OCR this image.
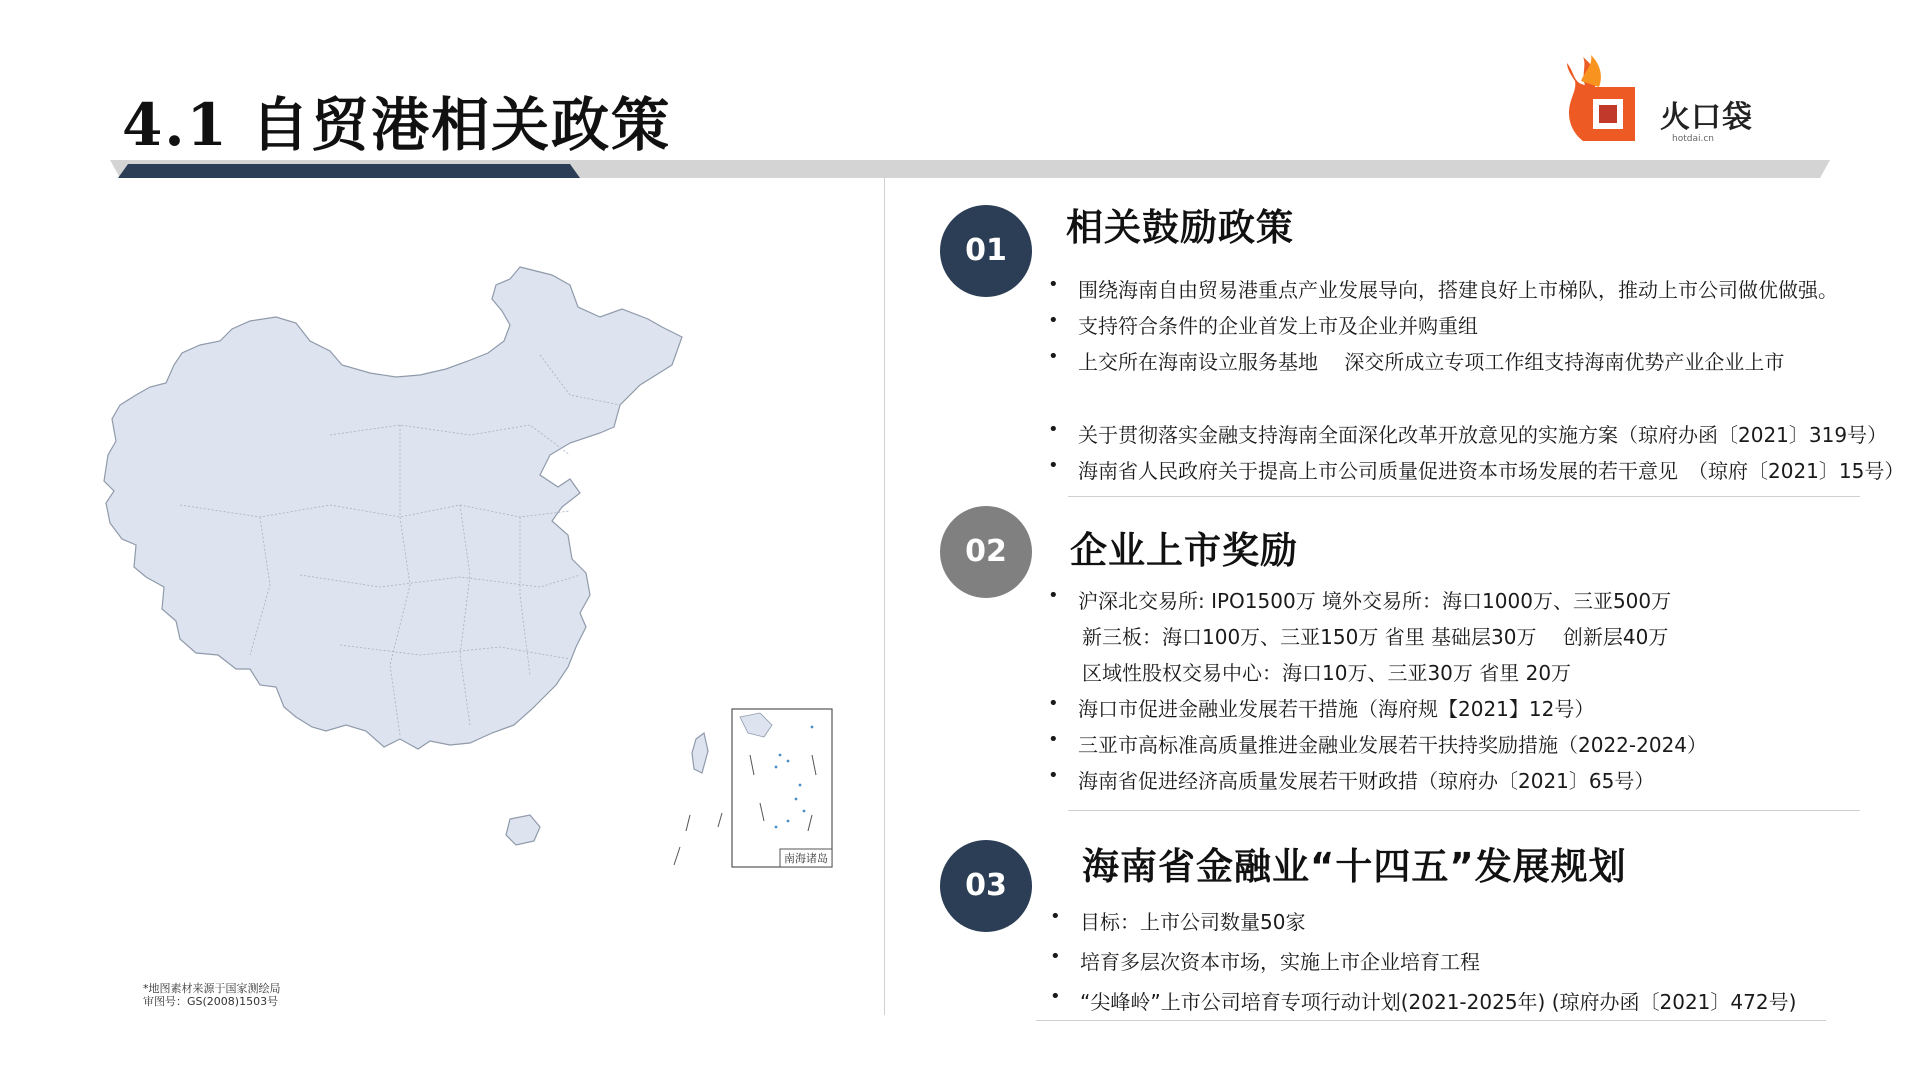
4.1 自贸港相关政策	火口袋
hotdai.cn
南海诸岛
*地图素材来源于国家测绘局
审图号：GS(2008)1503号
01
相关鼓励政策
• 围绕海南自由贸易港重点产业发展导向，搭建良好上市梯队，推动上市公司做优做强。
• 支持符合条件的企业首发上市及企业并购重组
• 上交所在海南设立服务基地　 深交所成立专项工作组支持海南优势产业企业上市
• 关于贯彻落实金融支持海南全面深化改革开放意见的实施方案（琼府办函〔2021〕319号）
• 海南省人民政府关于提高上市公司质量促进资本市场发展的若干意见　（琼府〔2021〕15号）
02	企业上市奖励
• 沪深北交易所: IPO1500万 境外交易所：海口1000万、三亚500万
新三板：海口100万、三亚150万 省里 基础层30万　 创新层40万
区域性股权交易中心：海口10万、三亚30万 省里 20万
• 海口市促进金融业发展若干措施（海府规【2021】12号）
• 三亚市高标准高质量推进金融业发展若干扶持奖励措施（2022-2024）
• 海南省促进经济高质量发展若干财政措（琼府办〔2021〕65号）
03	海南省金融业“十四五”发展规划
• 目标：上市公司数量50家
• 培育多层次资本市场，实施上市企业培育工程
• “尖峰岭”上市公司培育专项行动计划(2021-2025年) (琼府办函〔2021〕472号)
